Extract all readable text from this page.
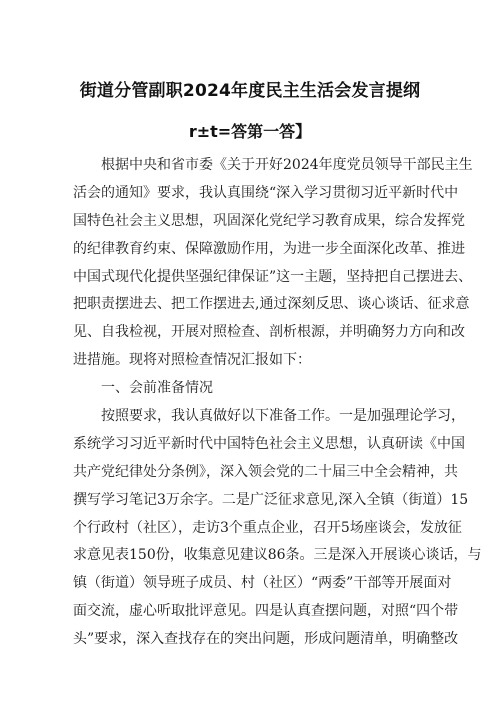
街道分管副职2024年度民主生活会发言提纲
r±t=答第一答】
根据中央和省市委《关于开好2024年度党员领导干部民主生
活会的通知》要求，我认真围绕“深入学习贯彻习近平新时代中
国特色社会主义思想，巩固深化党纪学习教育成果，综合发挥党
的纪律教育约束、保障激励作用，为进一步全面深化改革、推进
中国式现代化提供坚强纪律保证”这一主题，坚持把自己摆进去、
把职责摆进去、把工作摆进去,通过深刻反思、谈心谈话、征求意
见、自我检视，开展对照检查、剖析根源，并明确努力方向和改
进措施。现将对照检查情况汇报如下：
一、会前准备情况
按照要求，我认真做好以下准备工作。一是加强理论学习，
系统学习习近平新时代中国特色社会主义思想，认真研读《中国
共产党纪律处分条例》，深入领会党的二十届三中全会精神，共
撰写学习笔记3万余字。二是广泛征求意见,深入全镇（街道）15
个行政村（社区），走访3个重点企业，召开5场座谈会，发放征
求意见表150份，收集意见建议86条。三是深入开展谈心谈话，与
镇（街道）领导班子成员、村（社区）“两委”干部等开展面对
面交流，虚心听取批评意见。四是认真查摆问题，对照“四个带
头”要求，深入查找存在的突出问题，形成问题清单，明确整改
